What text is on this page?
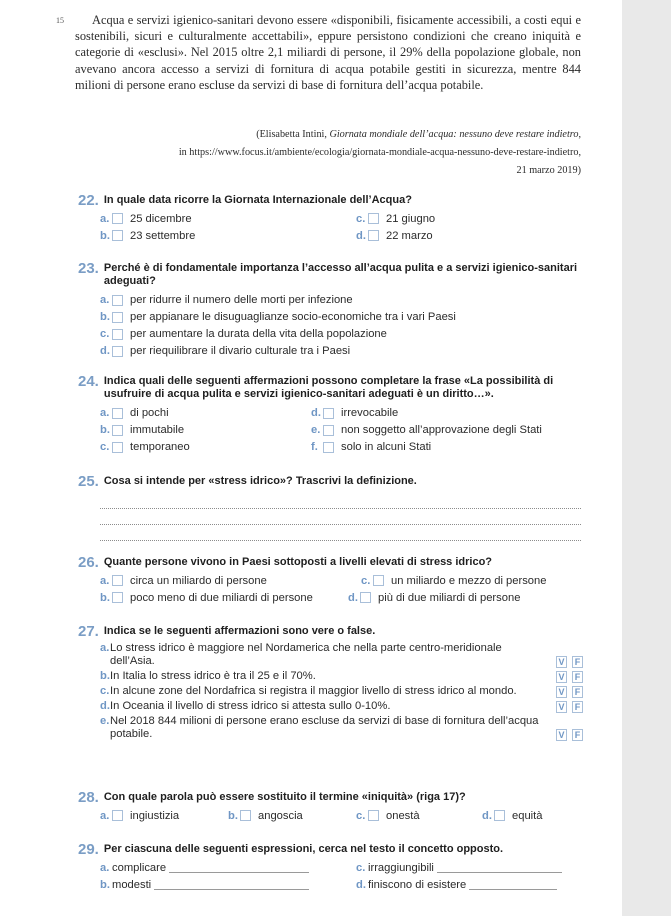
15	Acqua e servizi igienico-sanitari devono essere «disponibili, fisicamente accessibili, a costi equi e sostenibili, sicuri e culturalmente accettabili», eppure persistono condizioni che creano iniquità e categorie di «esclusi». Nel 2015 oltre 2,1 miliardi di persone, il 29% della popolazione globale, non avevano ancora accesso a servizi di fornitura di acqua potabile gestiti in sicurezza, mentre 844 milioni di persone erano escluse da servizi di base di fornitura dell’acqua potabile.

(Elisabetta Intini, Giornata mondiale dell’acqua: nessuno deve restare indietro,
in https://www.focus.it/ambiente/ecologia/giornata-mondiale-acqua-nessuno-deve-restare-indietro,
21 marzo 2019)
22. In quale data ricorre la Giornata Internazionale dell’Acqua?
a. 25 dicembre	c. 21 giugno
b. 23 settembre	d. 22 marzo
23. Perché è di fondamentale importanza l’accesso all’acqua pulita e a servizi igienico-sanitari adeguati?
a. per ridurre il numero delle morti per infezione
b. per appianare le disuguaglianze socio-economiche tra i vari Paesi
c. per aumentare la durata della vita della popolazione
d. per riequilibrare il divario culturale tra i Paesi
24. Indica quali delle seguenti affermazioni possono completare la frase «La possibilità di usufruire di acqua pulita e servizi igienico-sanitari adeguati è un diritto…».
a. di pochi	d. irrevocabile
b. immutabile	e. non soggetto all’approvazione degli Stati
c. temporaneo	f.	solo in alcuni Stati
25. Cosa si intende per «stress idrico»? Trascrivi la definizione.
26. Quante persone vivono in Paesi sottoposti a livelli elevati di stress idrico?
a. circa un miliardo di persone	c. un miliardo e mezzo di persone
b. poco meno di due miliardi di persone	d. più di due miliardi di persone
27. Indica se le seguenti affermazioni sono vere o false.
a. Lo stress idrico è maggiore nel Nordamerica che nella parte centro-meridionale dell’Asia.	V	F
b. In Italia lo stress idrico è tra il 25 e il 70%.	V	F
c. In alcune zone del Nordafrica si registra il maggior livello di stress idrico al mondo.	V	F
d. In Oceania il livello di stress idrico si attesta sullo 0-10%.	V	F
e. Nel 2018 844 milioni di persone erano escluse da servizi di base di fornitura dell’acqua potabile.	V	F
28. Con quale parola può essere sostituito il termine «iniquità» (riga 17)?
a. ingiustizia	b. angoscia	c. onestà	d. equità
29. Per ciascuna delle seguenti espressioni, cerca nel testo il concetto opposto.
a. complicare	c. irraggiungibili
b. modesti	d. finiscono di esistere
